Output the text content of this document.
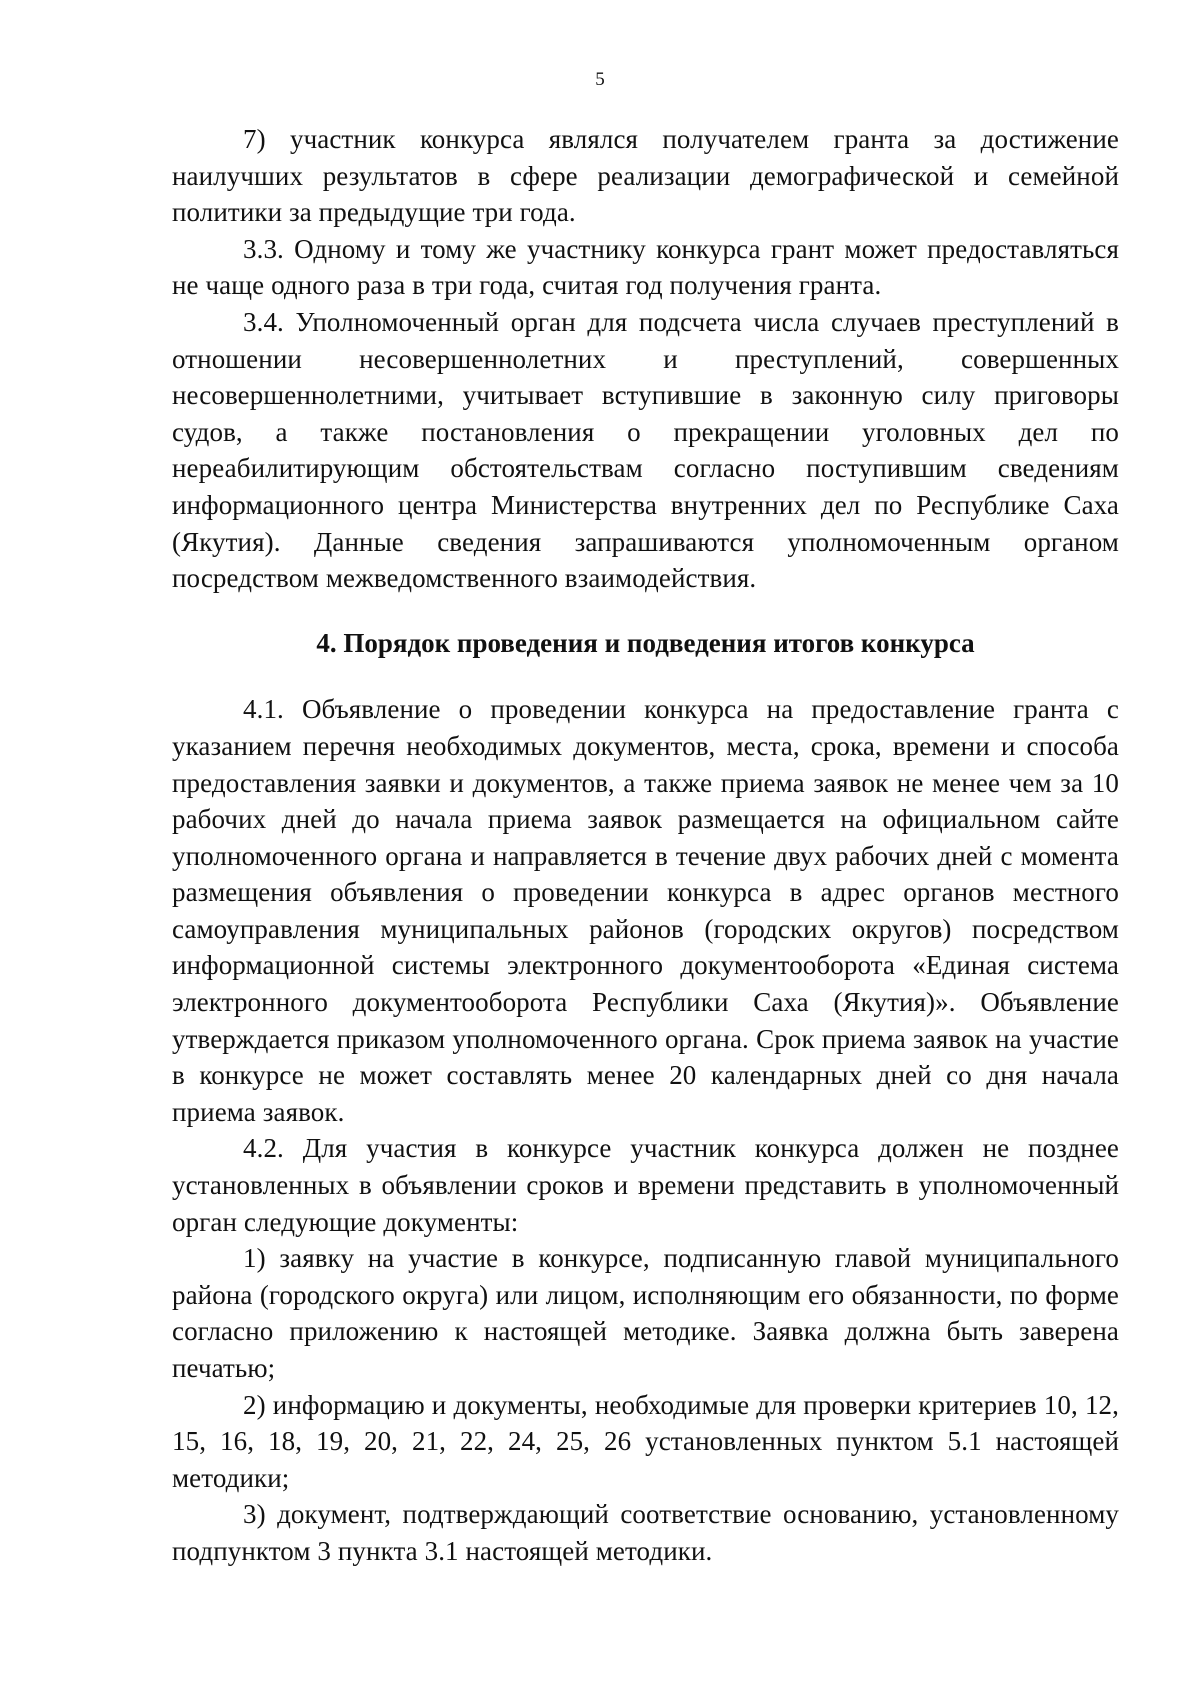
5

7) участник конкурса являлся получателем гранта за достижение наилучших результатов в сфере реализации демографической и семейной политики за предыдущие три года.

3.3. Одному и тому же участнику конкурса грант может предоставляться не чаще одного раза в три года, считая год получения гранта.

3.4. Уполномоченный орган для подсчета числа случаев преступлений в отношении несовершеннолетних и преступлений, совершенных несовершеннолетними, учитывает вступившие в законную силу приговоры судов, а также постановления о прекращении уголовных дел по нереабилитирующим обстоятельствам согласно поступившим сведениям информационного центра Министерства внутренних дел по Республике Саха (Якутия). Данные сведения запрашиваются уполномоченным органом посредством межведомственного взаимодействия.

4. Порядок проведения и подведения итогов конкурса

4.1. Объявление о проведении конкурса на предоставление гранта с указанием перечня необходимых документов, места, срока, времени и способа предоставления заявки и документов, а также приема заявок не менее чем за 10 рабочих дней до начала приема заявок размещается на официальном сайте уполномоченного органа и направляется в течение двух рабочих дней с момента размещения объявления о проведении конкурса в адрес органов местного самоуправления муниципальных районов (городских округов) посредством информационной системы электронного документооборота «Единая система электронного документооборота Республики Саха (Якутия)». Объявление утверждается приказом уполномоченного органа. Срок приема заявок на участие в конкурсе не может составлять менее 20 календарных дней со дня начала приема заявок.

4.2. Для участия в конкурсе участник конкурса должен не позднее установленных в объявлении сроков и времени представить в уполномоченный орган следующие документы:

1) заявку на участие в конкурсе, подписанную главой муниципального района (городского округа) или лицом, исполняющим его обязанности, по форме согласно приложению к настоящей методике. Заявка должна быть заверена печатью;

2) информацию и документы, необходимые для проверки критериев 10, 12, 15, 16, 18, 19, 20, 21, 22, 24, 25, 26 установленных пунктом 5.1 настоящей методики;

3) документ, подтверждающий соответствие основанию, установленному подпунктом 3 пункта 3.1 настоящей методики.
